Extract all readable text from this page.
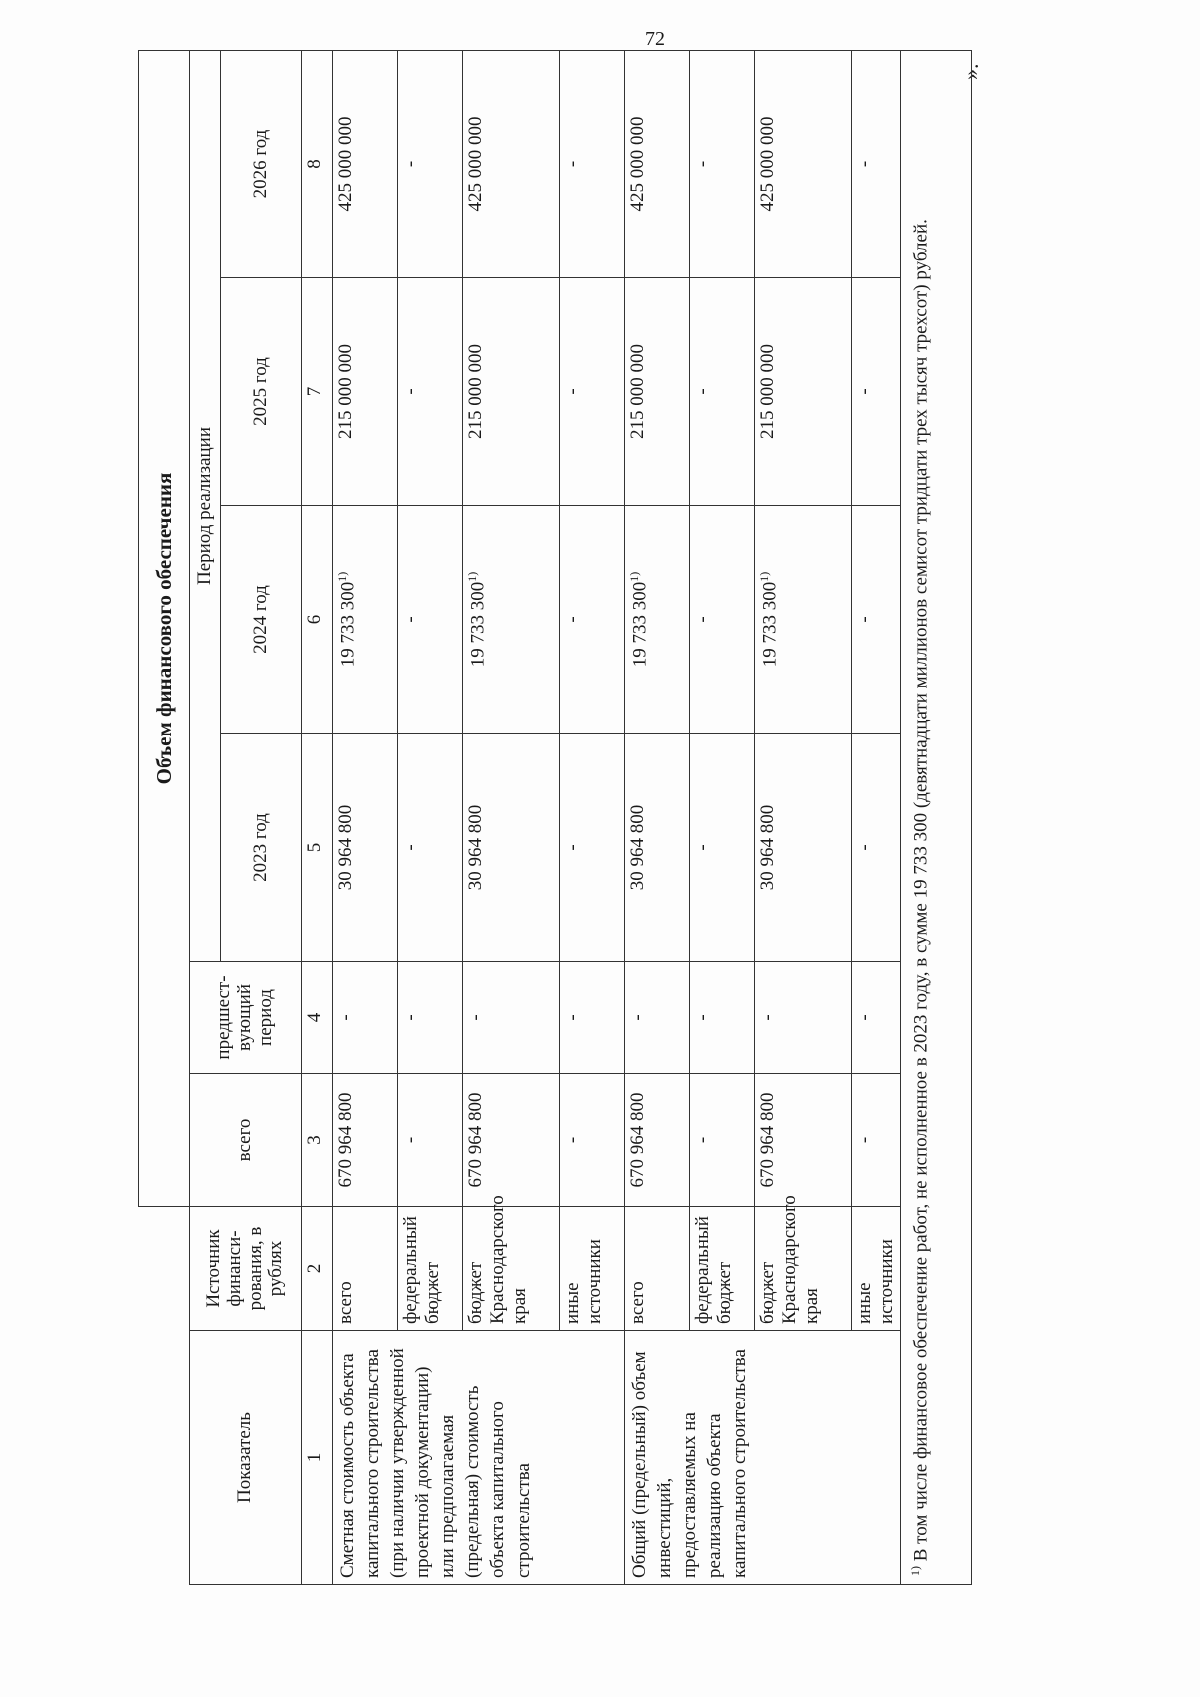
72
».
		Объем финансового обеспечения					
Показатель	Источник финанси-рования, в рублях	всего	предшест-вующий период	Период реализации			
				2023 год	2024 год	2025 год	2026 год
1	2	3	4	5	6	7	8
Сметная стоимость объекта капитального строительства (при наличии утвержденной проектной документации) или предполагаемая (предельная) стоимость объекта капитального строительства	всего	670 964 800	-	30 964 800	19 733 300$^{1)}$	215 000 000	425 000 000
	федеральный бюджет	-	-	-	-	-	-
	бюджет Краснодарского края	670 964 800	-	30 964 800	19 733 300$^{1)}$	215 000 000	425 000 000
	иные источники	-	-	-	-	-	-
Общий (предельный) объем инвестиций, предоставляемых на реализацию объекта капитального строительства	всего	670 964 800	-	30 964 800	19 733 300$^{1)}$	215 000 000	425 000 000
	федеральный бюджет	-	-	-	-	-	-
	бюджет Краснодарского края	670 964 800	-	30 964 800	19 733 300$^{1)}$	215 000 000	425 000 000
	иные источники	-	-	-	-	-	-
$^{1)}$ В том числе финансовое обеспечение работ, не исполненное в 2023 году, в сумме 19 733 300 (девятнадцати миллионов семисот тридцати трех тысяч трехсот) рублей.							
